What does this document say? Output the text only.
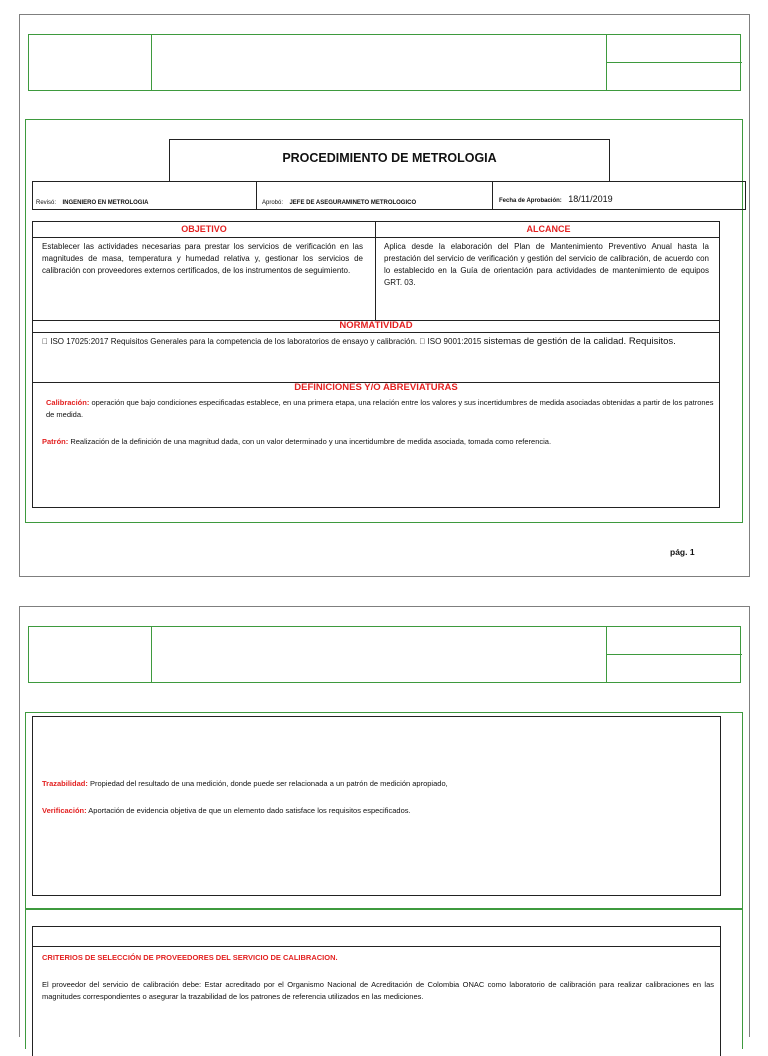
PROCEDIMIENTO DE METROLOGIA
Revisó: INGENIERO EN METROLOGIA	Aprobó: JEFE DE ASEGURAMINETO METROLOGICO	Fecha de Aprobación: 18/11/2019
OBJETIVO
Establecer las actividades necesarias para prestar los servicios de verificación en las magnitudes de masa, temperatura y humedad relativa y, gestionar los servicios de calibración con proveedores externos certificados, de los instrumentos de seguimiento.
ALCANCE
Aplica desde la elaboración del Plan de Mantenimiento Preventivo Anual hasta la prestación del servicio de verificación y gestión del servicio de calibración, de acuerdo con lo establecido en la Guía de orientación para actividades de mantenimiento de equipos GRT. 03.
NORMATIVIDAD
ISO 17025:2017 Requisitos Generales para la competencia de los laboratorios de ensayo y calibración. ISO 9001:2015 sistemas de gestión de la calidad. Requisitos.
DEFINICIONES Y/O ABREVIATURAS
Calibración: operación que bajo condiciones especificadas establece, en una primera etapa, una relación entre los valores y sus incertidumbres de medida asociadas obtenidas a partir de los patrones de medida.
Patrón: Realización de la definición de una magnitud dada, con un valor determinado y una incertidumbre de medida asociada, tomada como referencia.
pág. 1
Trazabilidad: Propiedad del resultado de una medición, donde puede ser relacionada a un patrón de medición apropiado,
Verificación: Aportación de evidencia objetiva de que un elemento dado satisface los requisitos especificados.
CRITERIOS DE SELECCIÓN DE PROVEEDORES DEL SERVICIO DE CALIBRACION.
El proveedor del servicio de calibración debe: Estar acreditado por el Organismo Nacional de Acreditación de Colombia ONAC como laboratorio de calibración para realizar calibraciones en las magnitudes correspondientes o asegurar la trazabilidad de los patrones de referencia utilizados en las mediciones.
